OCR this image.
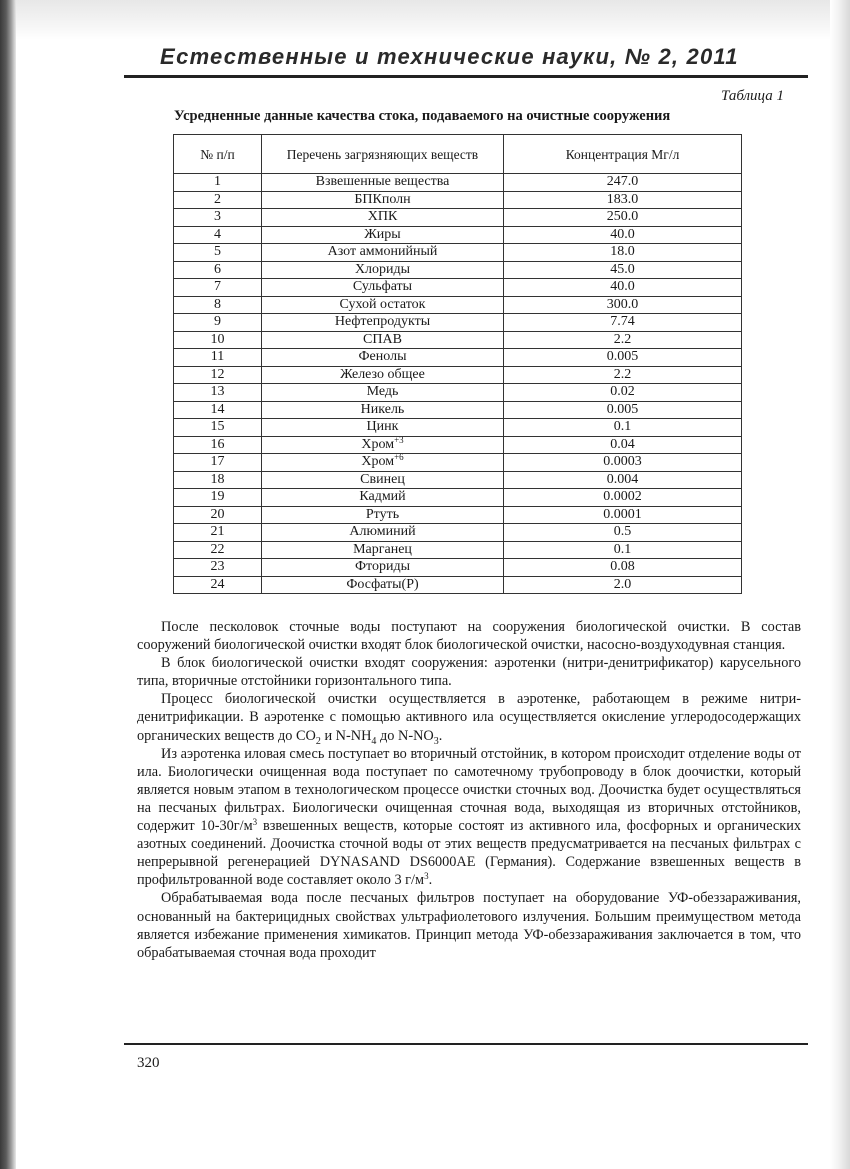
Естественные и технические науки, № 2, 2011
Таблица 1
Усредненные данные качества стока, подаваемого на очистные сооружения
№ п/п	Перечень загрязняющих веществ	Концентрация Мг/л
1	Взвешенные вещества	247.0
2	БПКполн	183.0
3	ХПК	250.0
4	Жиры	40.0
5	Азот аммонийный	18.0
6	Хлориды	45.0
7	Сульфаты	40.0
8	Сухой остаток	300.0
9	Нефтепродукты	7.74
10	СПАВ	2.2
11	Фенолы	0.005
12	Железо общее	2.2
13	Медь	0.02
14	Никель	0.005
15	Цинк	0.1
16	Хром$^{+3}$	0.04
17	Хром$^{+6}$	0.0003
18	Свинец	0.004
19	Кадмий	0.0002
20	Ртуть	0.0001
21	Алюминий	0.5
22	Марганец	0.1
23	Фториды	0.08
24	Фосфаты(Р)	2.0

После песколовок сточные воды поступают на сооружения биологической очистки. В состав сооружений биологической очистки входят блок биологической очистки, насосно-воздуходувная станция.

В блок биологической очистки входят сооружения: аэротенки (нитри-денитрификатор) карусельного типа, вторичные отстойники горизонтального типа.

Процесс биологической очистки осуществляется в аэротенке, работающем в режиме нитри-денитрификации. В аэротенке с помощью активного ила осуществляется окисление углеродосодержащих органических веществ до $CO_2$ и $N-NH_4$ до $N-NO_3$.

Из аэротенка иловая смесь поступает во вторичный отстойник, в котором происходит отделение воды от ила. Биологически очищенная вода поступает по самотечному трубопроводу в блок доочистки, который является новым этапом в технологическом процессе очистки сточных вод. Доочистка будет осуществляться на песчаных фильтрах. Биологически очищенная сточная вода, выходящая из вторичных отстойников, содержит $10-30г/м^3$ взвешенных веществ, которые состоят из активного ила, фосфорных и органических азотных соединений. Доочистка сточной воды от этих веществ предусматривается на песчаных фильтрах с непрерывной регенерацией DYNASAND DS6000AE (Германия). Содержание взвешенных веществ в профильтрованной воде составляет около 3 $г/м^3$.

Обрабатываемая вода после песчаных фильтров поступает на оборудование УФ-обеззараживания, основанный на бактерицидных свойствах ультрафиолетового излучения. Большим преимуществом метода является избежание применения химикатов. Принцип метода УФ-обеззараживания заключается в том, что обрабатываемая сточная вода проходит

320
